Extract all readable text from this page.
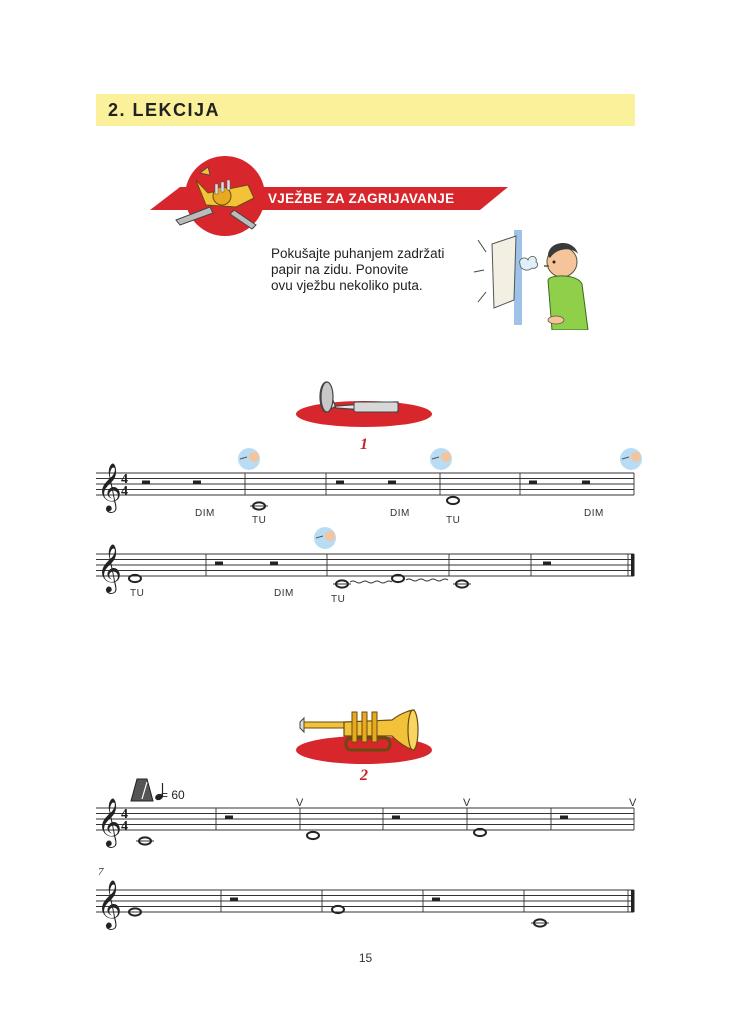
2. LEKCIJA
VJEŽBE ZA ZAGRIJAVANJE
Pokušajte puhanjem zadržati
papir na zidu. Ponovite
ovu vježbu nekoliko puta.
1
𝄞 4
4
DIM
TU
DIM
TU
DIM
𝄞
TU	DIM
TU
2
= 60
𝄞 4
4
V	V	V
7
𝄞
15
